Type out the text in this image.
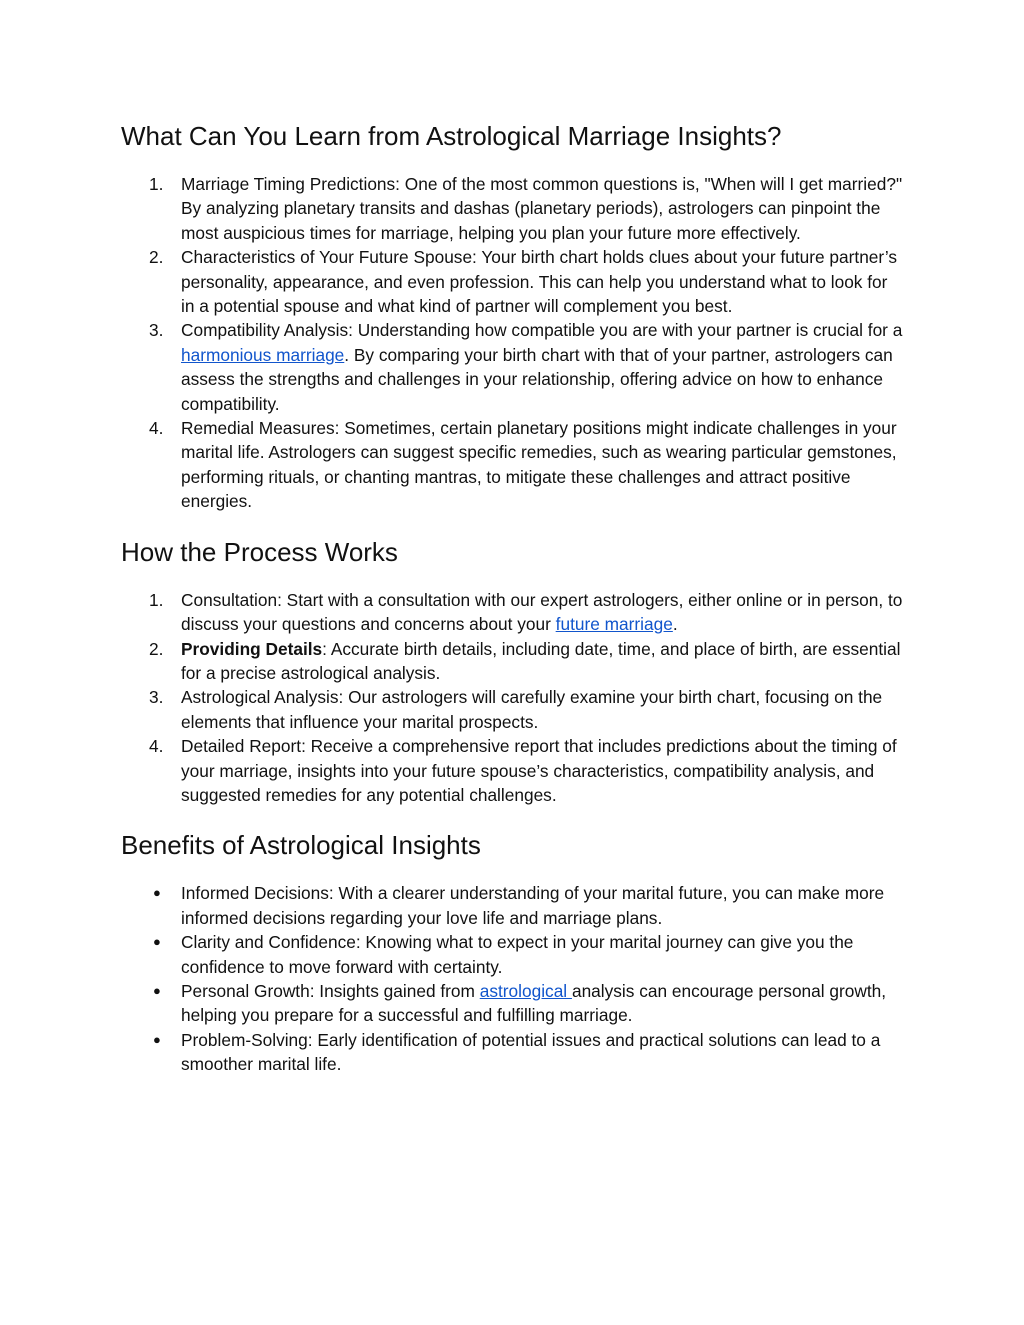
What Can You Learn from Astrological Marriage Insights?
1.	Marriage Timing Predictions: One of the most common questions is, "When will I get married?" By analyzing planetary transits and dashas (planetary periods), astrologers can pinpoint the most auspicious times for marriage, helping you plan your future more effectively.
2.	Characteristics of Your Future Spouse: Your birth chart holds clues about your future partner’s personality, appearance, and even profession. This can help you understand what to look for in a potential spouse and what kind of partner will complement you best.
3.	Compatibility Analysis: Understanding how compatible you are with your partner is crucial for a harmonious marriage. By comparing your birth chart with that of your partner, astrologers can assess the strengths and challenges in your relationship, offering advice on how to enhance compatibility.
4.	Remedial Measures: Sometimes, certain planetary positions might indicate challenges in your marital life. Astrologers can suggest specific remedies, such as wearing particular gemstones, performing rituals, or chanting mantras, to mitigate these challenges and attract positive energies.
How the Process Works
1.	Consultation: Start with a consultation with our expert astrologers, either online or in person, to discuss your questions and concerns about your future marriage.
2.	Providing Details: Accurate birth details, including date, time, and place of birth, are essential for a precise astrological analysis.
3.	Astrological Analysis: Our astrologers will carefully examine your birth chart, focusing on the elements that influence your marital prospects.
4.	Detailed Report: Receive a comprehensive report that includes predictions about the timing of your marriage, insights into your future spouse’s characteristics, compatibility analysis, and suggested remedies for any potential challenges.
Benefits of Astrological Insights
●	Informed Decisions: With a clearer understanding of your marital future, you can make more informed decisions regarding your love life and marriage plans.
●	Clarity and Confidence: Knowing what to expect in your marital journey can give you the confidence to move forward with certainty.
●	Personal Growth: Insights gained from astrological analysis can encourage personal growth, helping you prepare for a successful and fulfilling marriage.
●	Problem-Solving: Early identification of potential issues and practical solutions can lead to a smoother marital life.
